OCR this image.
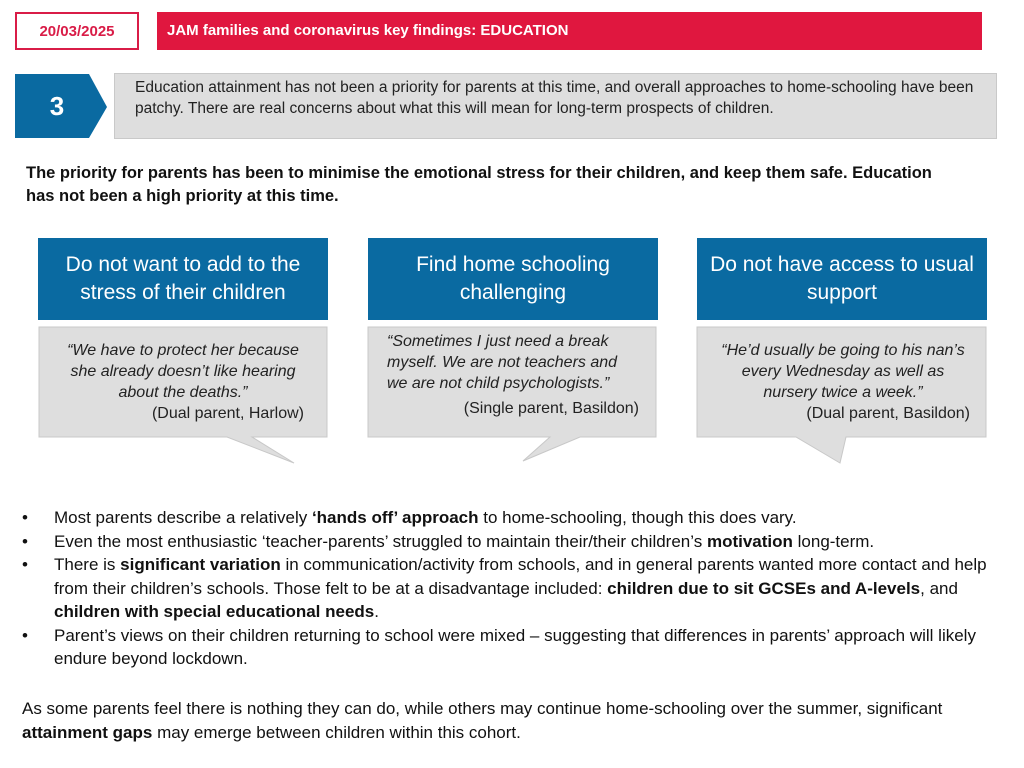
20/03/2025	JAM families and coronavirus key findings: EDUCATION
3
Education attainment has not been a priority for parents at this time, and overall approaches to home-schooling have been patchy. There are real concerns about what this will mean for long-term prospects of children.
The priority for parents has been to minimise the emotional stress for their children, and keep them safe. Education has not been a high priority at this time.
Do not want to add to the stress of their children
“We have to protect her because she already doesn’t like hearing about the deaths.”
(Dual parent, Harlow)
Find home schooling challenging
“Sometimes I just need a break myself. We are not teachers and we are not child psychologists.”
(Single parent, Basildon)
Do not have access to usual support
“He’d usually be going to his nan’s every Wednesday as well as nursery twice a week.”
(Dual parent, Basildon)
• Most parents describe a relatively ‘hands off’ approach to home-schooling, though this does vary.
• Even the most enthusiastic ‘teacher-parents’ struggled to maintain their/their children’s motivation long-term.
• There is significant variation in communication/activity from schools, and in general parents wanted more contact and help from their children’s schools. Those felt to be at a disadvantage included: children due to sit GCSEs and A-levels, and children with special educational needs.
• Parent’s views on their children returning to school were mixed – suggesting that differences in parents’ approach will likely endure beyond lockdown.
As some parents feel there is nothing they can do, while others may continue home-schooling over the summer, significant attainment gaps may emerge between children within this cohort.
